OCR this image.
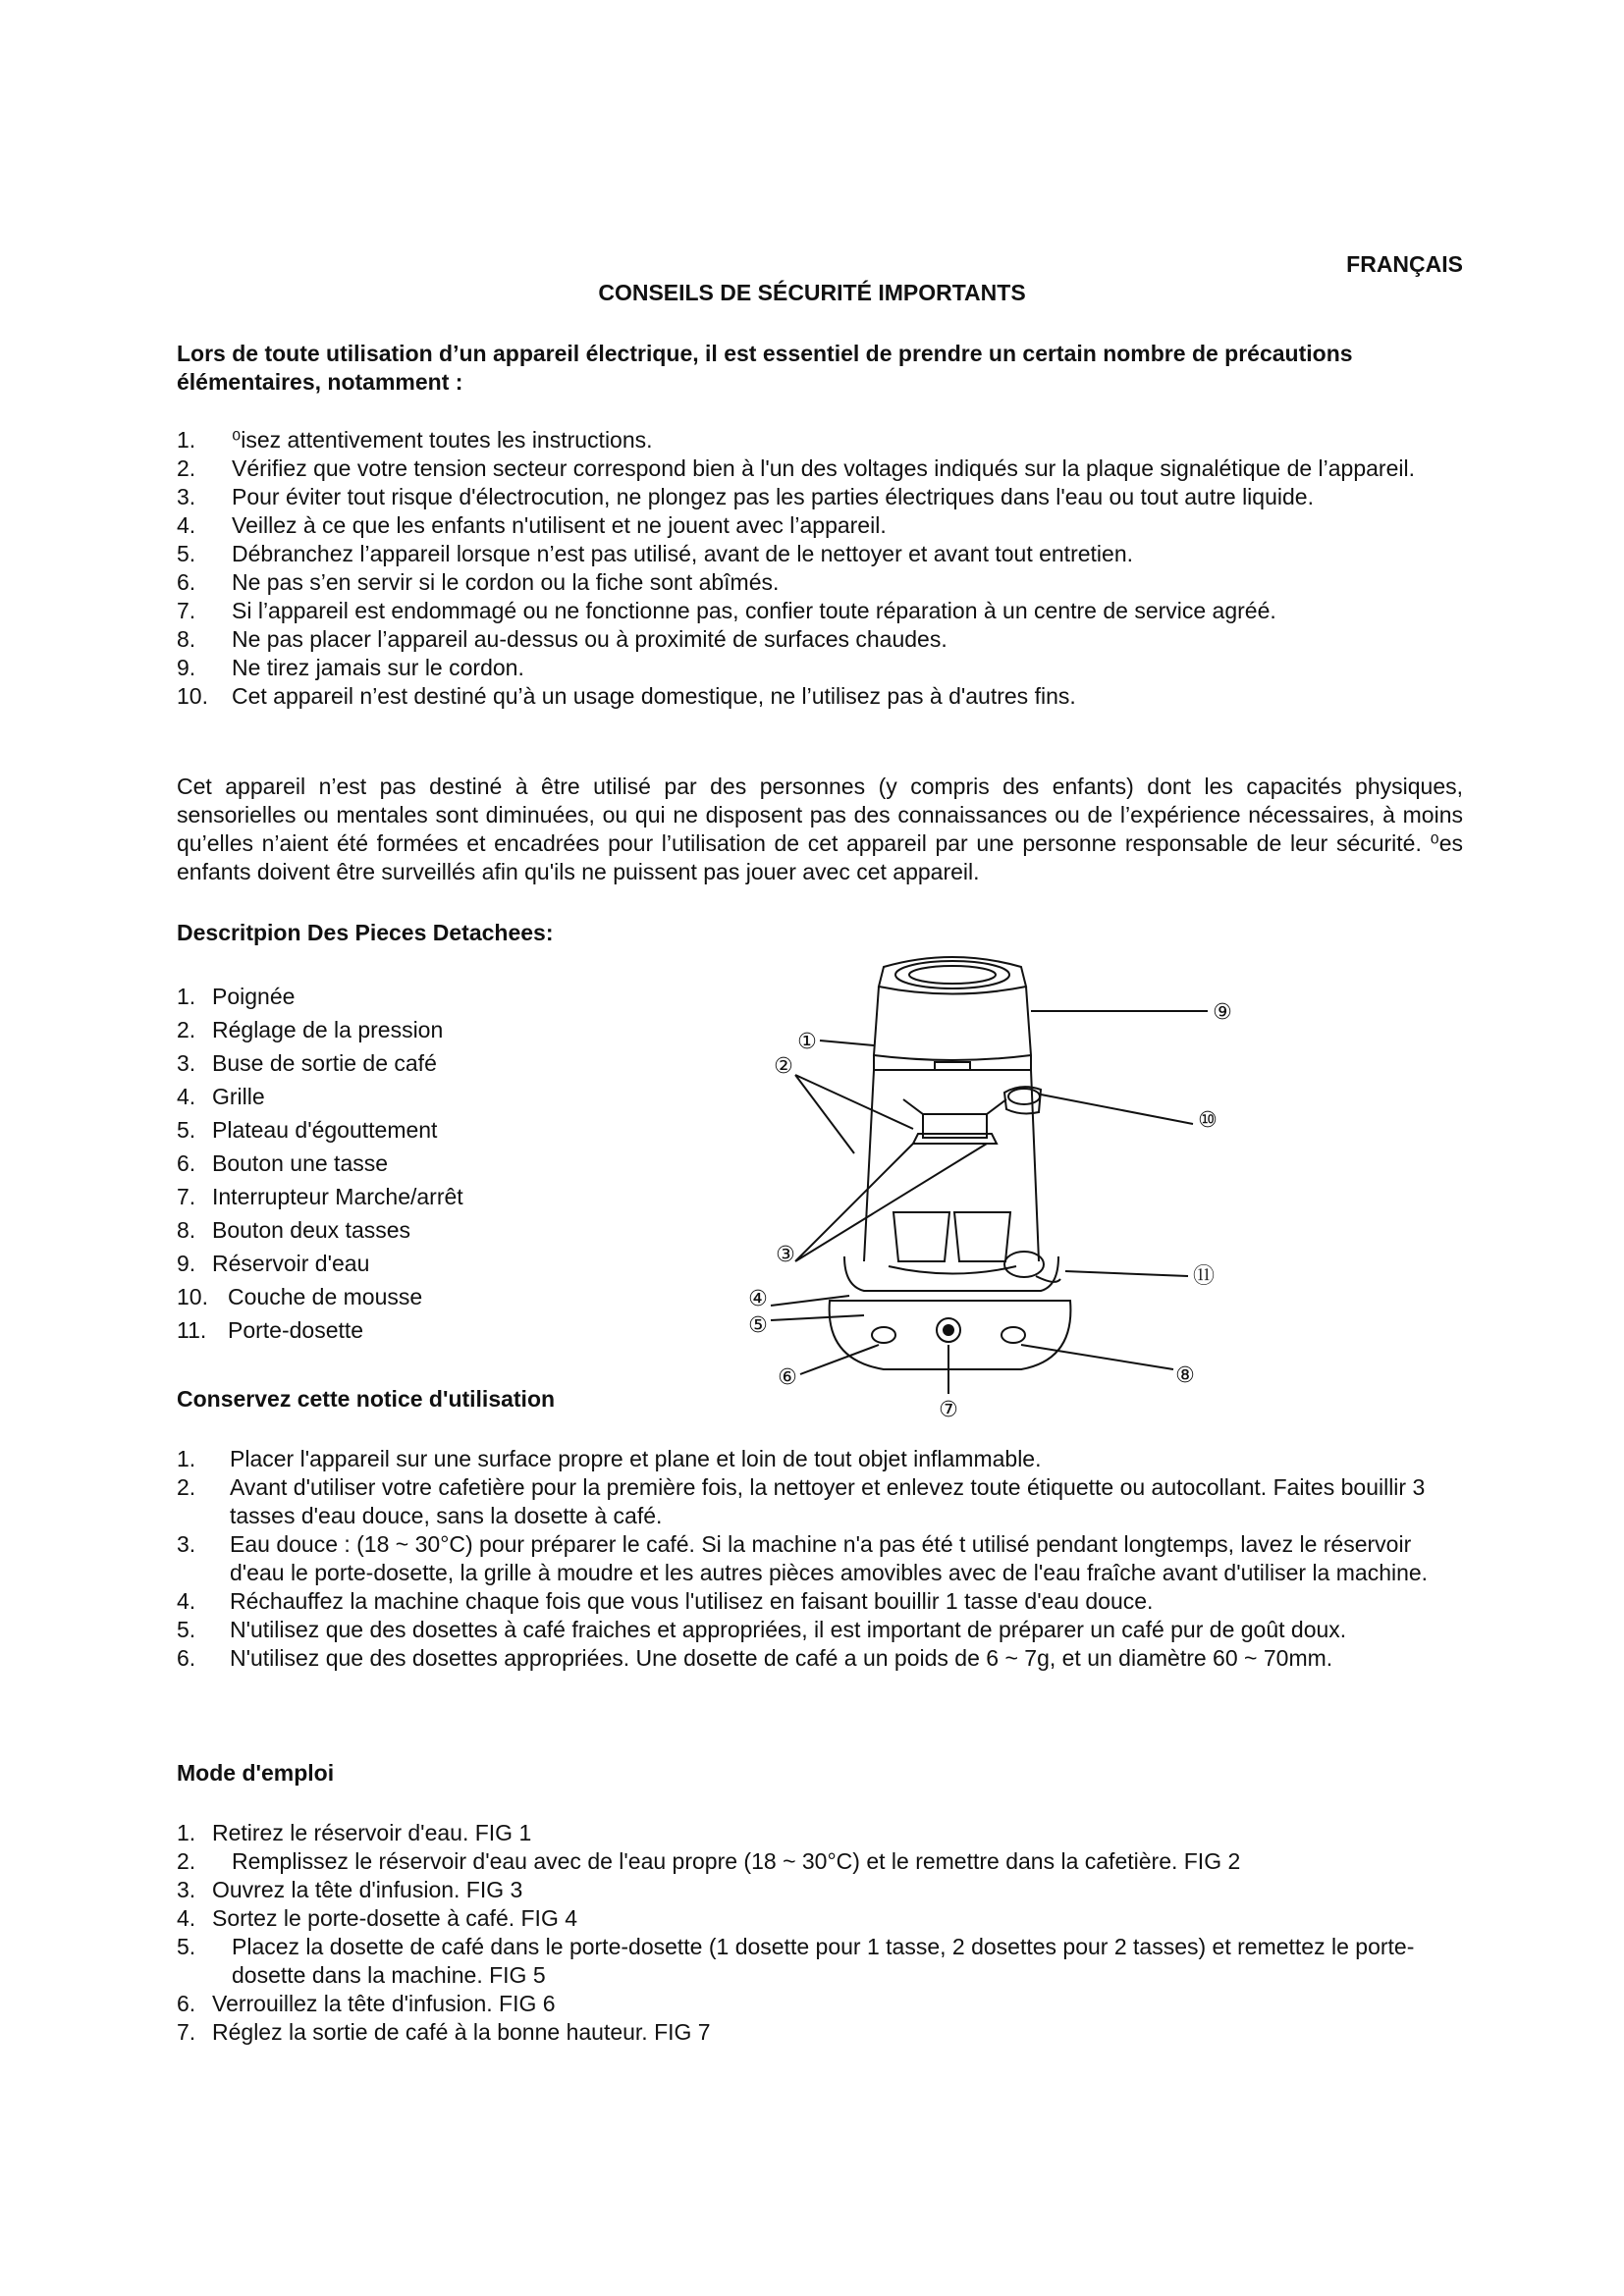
FRANÇAIS
CONSEILS DE SÉCURITÉ IMPORTANTS
Lors de toute utilisation d’un appareil électrique, il est essentiel de prendre un certain nombre de précautions élémentaires, notamment :
1. ⁰isez attentivement toutes les instructions.
2. Vérifiez que votre tension secteur correspond bien à l'un des voltages indiqués sur la plaque signalétique de l’appareil.
3. Pour éviter tout risque d'électrocution, ne plongez pas les parties électriques dans l'eau ou tout autre liquide.
4. Veillez à ce que les enfants n'utilisent et ne jouent avec l’appareil.
5. Débranchez l’appareil lorsque n’est pas utilisé, avant de le nettoyer et avant tout entretien.
6. Ne pas s’en servir si le cordon ou la fiche sont abîmés.
7. Si l’appareil est endommagé ou ne fonctionne pas, confier toute réparation à un centre de service agréé.
8. Ne pas placer l’appareil au-dessus ou à proximité de surfaces chaudes.
9. Ne tirez jamais sur le cordon.
10. Cet appareil n’est destiné qu’à un usage domestique, ne l’utilisez pas à d'autres fins.
Cet appareil n’est pas destiné à être utilisé par des personnes (y compris des enfants) dont les capacités physiques, sensorielles ou mentales sont diminuées, ou qui ne disposent pas des connaissances ou de l’expérience nécessaires, à moins qu’elles n’aient été formées et encadrées pour l’utilisation de cet appareil par une personne responsable de leur sécurité. ⁰es enfants doivent être surveillés afin qu'ils ne puissent pas jouer avec cet appareil.
Descritpion Des Pieces Detachees:
1. Poignée
2. Réglage de la pression
3. Buse de sortie de café
4. Grille
5. Plateau d'égouttement
6. Bouton une tasse
7. Interrupteur Marche/arrêt
8. Bouton deux tasses
9. Réservoir d'eau
10. Couche de mousse
11. Porte-dosette
①
②
③
④
⑤
⑥
⑦
⑧
⑨
⑩
⑪
Conservez cette notice d'utilisation
1. Placer l'appareil sur une surface propre et plane et loin de tout objet inflammable.
2. Avant d'utiliser votre cafetière pour la première fois, la nettoyer et enlevez toute étiquette ou autocollant. Faites bouillir 3 tasses d'eau douce, sans la dosette à café.
3. Eau douce : (18 ~ 30°C) pour préparer le café. Si la machine n'a pas été t utilisé pendant longtemps, lavez le réservoir d'eau le porte-dosette, la grille à moudre et les autres pièces amovibles avec de l'eau fraîche avant d'utiliser la machine.
4. Réchauffez la machine chaque fois que vous l'utilisez en faisant bouillir 1 tasse d'eau douce.
5. N'utilisez que des dosettes à café fraiches et appropriées, il est important de préparer un café pur de goût doux.
6. N'utilisez que des dosettes appropriées. Une dosette de café a un poids de 6 ~ 7g, et un diamètre 60 ~ 70mm.
Mode d'emploi
1. Retirez le réservoir d'eau. FIG 1
2. Remplissez le réservoir d'eau avec de l'eau propre (18 ~ 30°C) et le remettre dans la cafetière. FIG 2
3. Ouvrez la tête d'infusion. FIG 3
4. Sortez le porte-dosette à café. FIG 4
5. Placez la dosette de café dans le porte-dosette (1 dosette pour 1 tasse, 2 dosettes pour 2 tasses) et remettez le porte-dosette dans la machine. FIG 5
6. Verrouillez la tête d'infusion. FIG 6
7. Réglez la sortie de café à la bonne hauteur. FIG 7
